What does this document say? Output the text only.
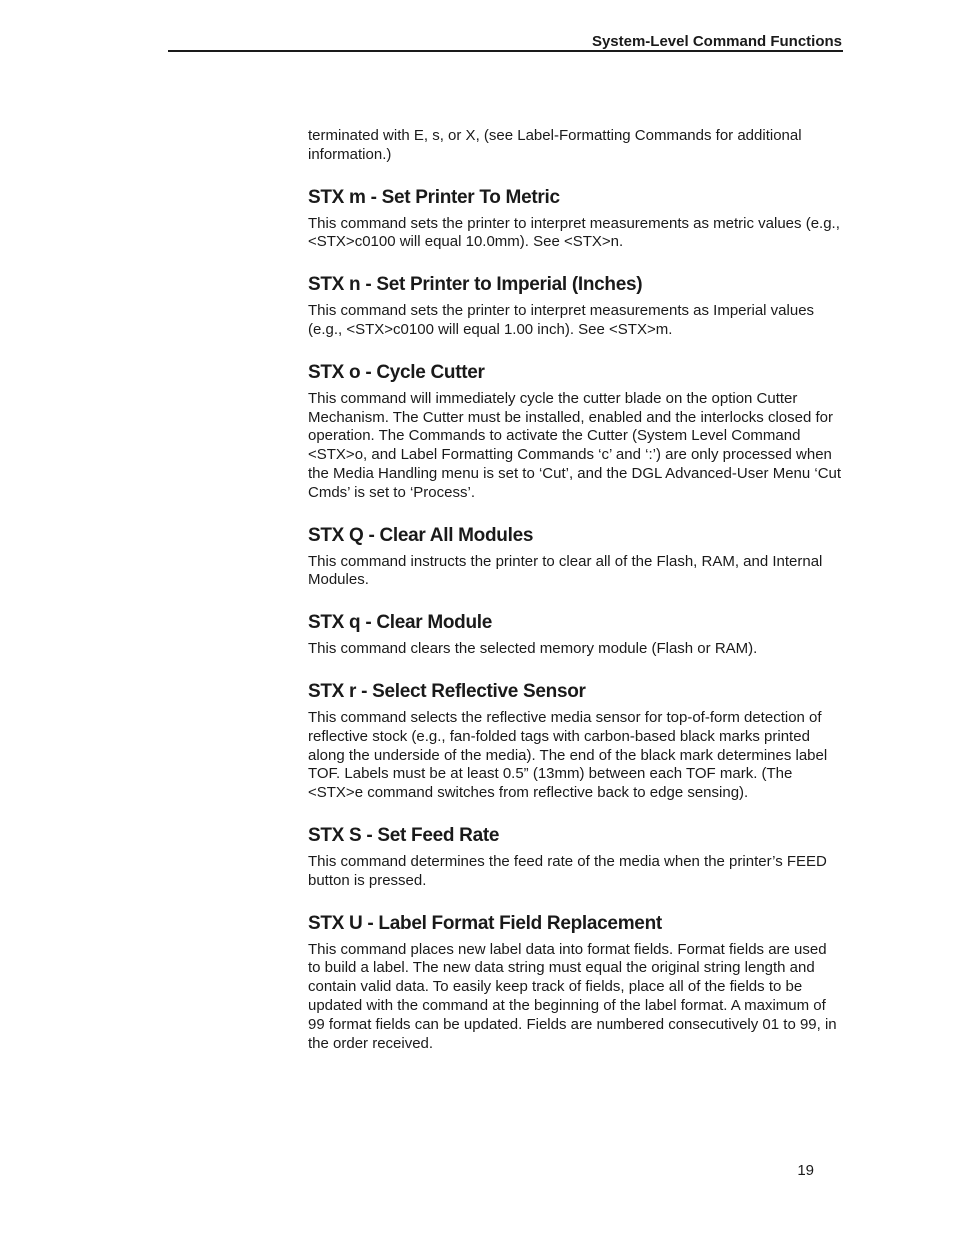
System-Level Command Functions

terminated with E, s, or X, (see Label-Formatting Commands for additional information.)

STX m - Set Printer To Metric

This command sets the printer to interpret measurements as metric values (e.g., <STX>c0100 will equal 10.0mm). See <STX>n.

STX n - Set Printer to Imperial (Inches)

This command sets the printer to interpret measurements as Imperial values (e.g., <STX>c0100 will equal 1.00 inch). See <STX>m.

STX o - Cycle Cutter

This command will immediately cycle the cutter blade on the option Cutter Mechanism. The Cutter must be installed, enabled and the interlocks closed for operation. The Commands to activate the Cutter (System Level Command <STX>o, and Label Formatting Commands ‘c’ and ‘:’) are only processed when the Media Handling menu is set to ‘Cut’, and the DGL Advanced-User Menu ‘Cut Cmds’ is set to ‘Process’.

STX Q - Clear All Modules

This command instructs the printer to clear all of the Flash, RAM, and Internal Modules.

STX q - Clear Module

This command clears the selected memory module (Flash or RAM).

STX r - Select Reflective Sensor

This command selects the reflective media sensor for top-of-form detection of reflective stock (e.g., fan-folded tags with carbon-based black marks printed along the underside of the media). The end of the black mark determines label TOF. Labels must be at least 0.5” (13mm) between each TOF mark. (The <STX>e command switches from reflective back to edge sensing).

STX S - Set Feed Rate

This command determines the feed rate of the media when the printer’s FEED button is pressed.

STX U - Label Format Field Replacement

This command places new label data into format fields. Format fields are used to build a label. The new data string must equal the original string length and contain valid data. To easily keep track of fields, place all of the fields to be updated with the command at the beginning of the label format. A maximum of 99 format fields can be updated. Fields are numbered consecutively 01 to 99, in the order received.

19
